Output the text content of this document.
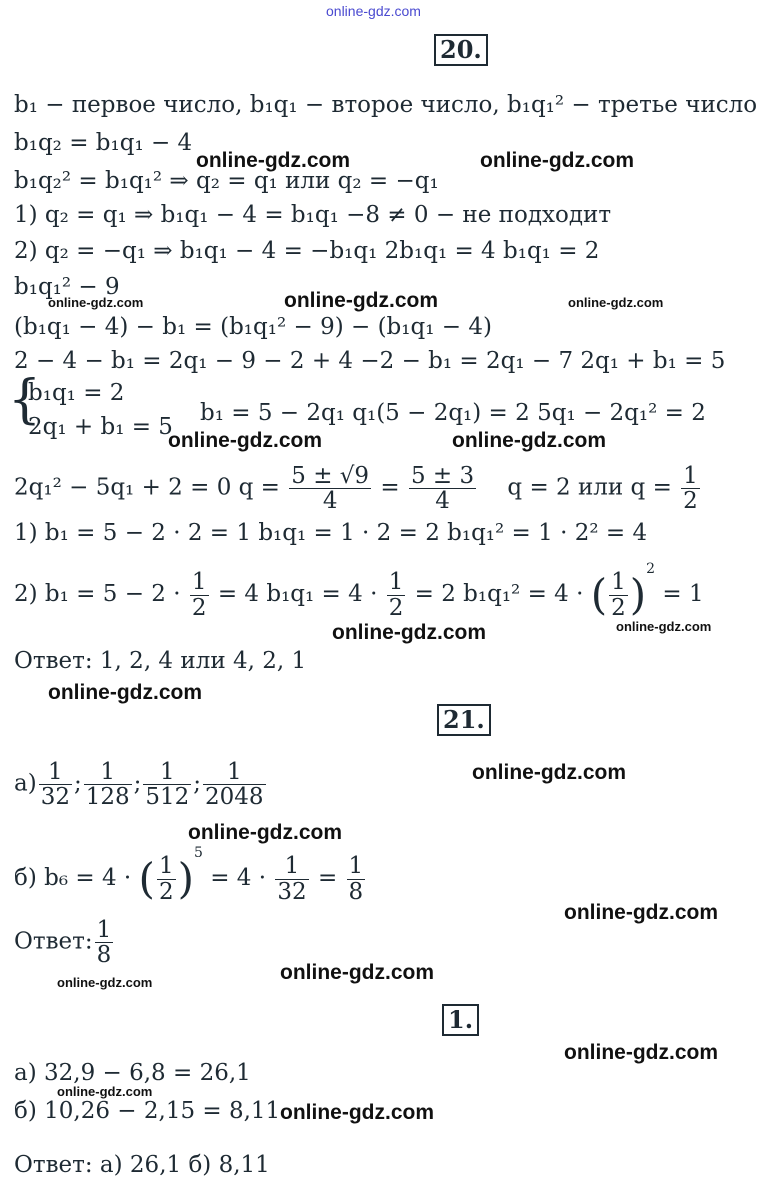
online-gdz.com
online-gdz.com	online-gdz.com
online-gdz.com	online-gdz.com	online-gdz.com
online-gdz.com	online-gdz.com
online-gdz.com	online-gdz.com
online-gdz.com
online-gdz.com
online-gdz.com
online-gdz.com
online-gdz.com	online-gdz.com
online-gdz.com
online-gdz.com
online-gdz.com
20.
b₁ − первое число, b₁q₁ − второе число, b₁q₁² − третье число
b₁q₂ = b₁q₁ − 4
b₁q₂² = b₁q₁² ⇒ q₂ = q₁ или q₂ = −q₁
1) q₂ = q₁ ⇒ b₁q₁ − 4 = b₁q₁ −8 ≠ 0 − не подходит
2) q₂ = −q₁ ⇒ b₁q₁ − 4 = −b₁q₁ 2b₁q₁ = 4 b₁q₁ = 2
b₁q₁² − 9
(b₁q₁ − 4) − b₁ = (b₁q₁² − 9) − (b₁q₁ − 4)
2 − 4 − b₁ = 2q₁ − 9 − 2 + 4 −2 − b₁ = 2q₁ − 7 2q₁ + b₁ = 5
{
b₁q₁ = 2
2q₁ + b₁ = 5
b₁ = 5 − 2q₁ q₁(5 − 2q₁) = 2 5q₁ − 2q₁² = 2
2q₁² − 5q₁ + 2 = 0 $q = \frac{5 \pm √9}{4} = \frac{5 \pm 3}{4}$ q = 2 или $q = \frac{1}{2}$
1) b₁ = 5 − 2 · 2 = 1 b₁q₁ = 1 · 2 = 2 b₁q₁² = 1 · 2² = 4
2) $b_1 = 5 - 2 \cdot \frac{1}{2} = 4$ $b_1q_1 = 4 \cdot \frac{1}{2} = 2$ b₁q₁² = 4 · ( $\frac{1}{2} )^2 = 1$
Ответ: 1, 2, 4 или 4, 2, 1
21.
$а) \frac{1}{32}$ ; $\frac{1}{128}$ ; $\frac{1}{512}$ ; $\frac{1}{2048}$
б) b₆ = 4 · ( $\frac{1}{2} )^5 = 4 \cdot \frac{1}{32} = \frac{1}{8}$
Ответ: $\frac{1}{8}$
1.
а) 32,9 − 6,8 = 26,1
б) 10,26 − 2,15 = 8,11
Ответ: а) 26,1 б) 8,11
